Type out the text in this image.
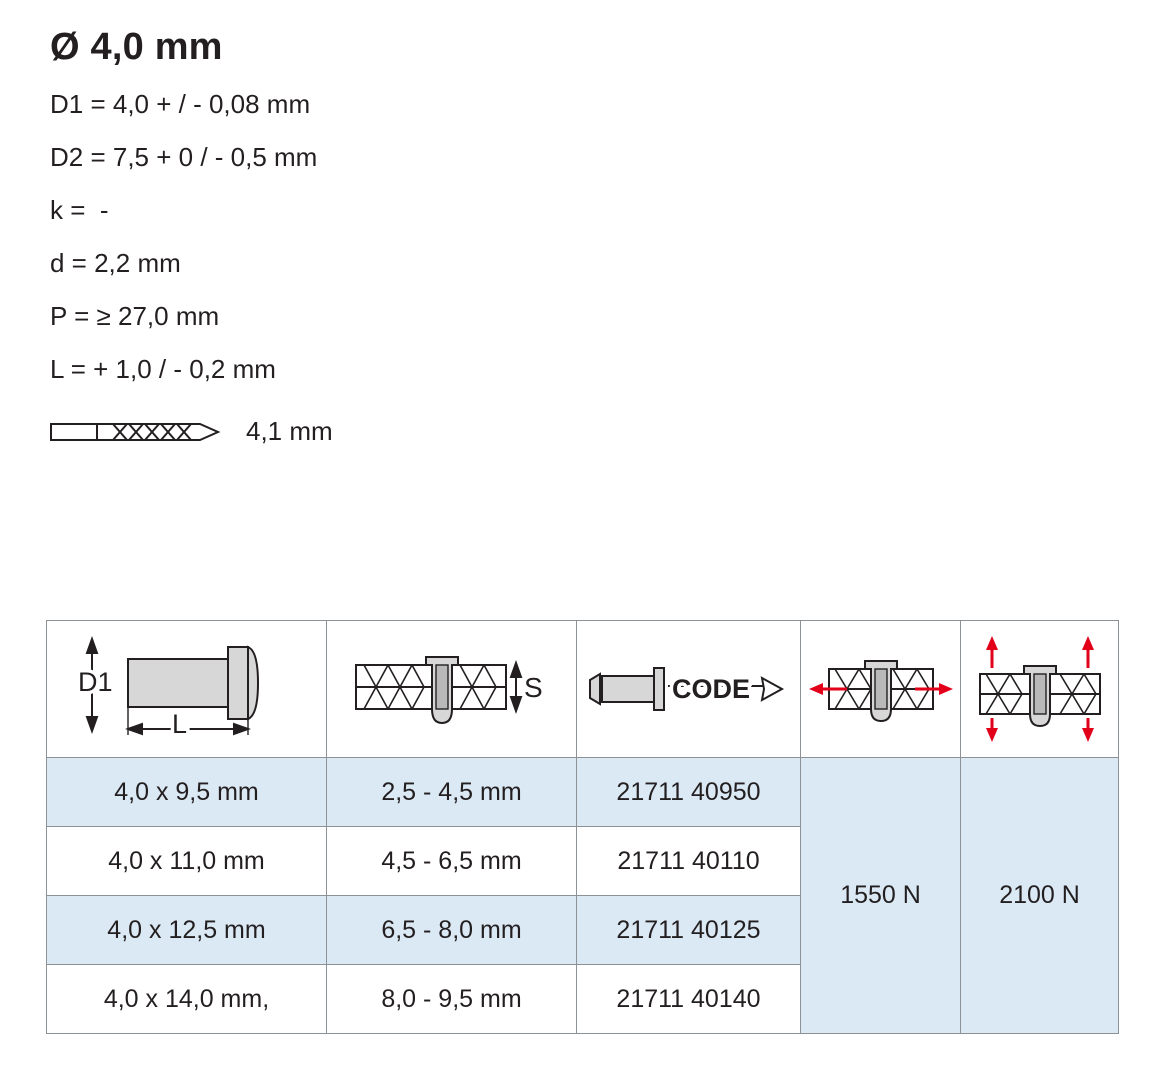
Ø 4,0 mm
D1 = 4,0 + / - 0,08 mm
D2 = 7,5 + 0 / - 0,5 mm
k =  -
d = 2,2 mm
P = ≥ 27,0 mm
L = + 1,0 / - 0,2 mm
4,1 mm
D1
L	S	CODE

4,0 x 9,5 mm	2,5 - 4,5 mm	21711 40950	1550 N	2100 N
4,0 x 11,0 mm	4,5 - 6,5 mm	21711 40110		
4,0 x 12,5 mm	6,5 - 8,0 mm	21711 40125		
4,0 x 14,0 mm,	8,0 - 9,5 mm	21711 40140		
